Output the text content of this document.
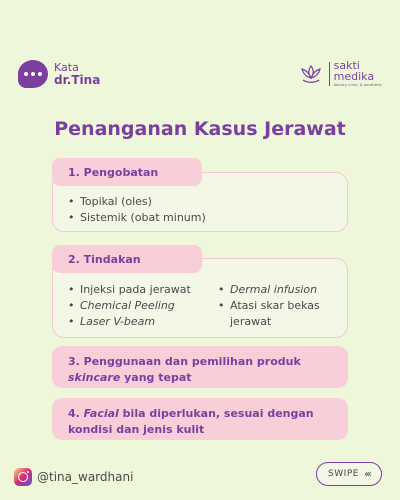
Kata
dr.Tina
sakti
medika
beauty clinic & aesthetic
Penanganan Kasus Jerawat
1. Pengobatan
• Topikal (oles)
• Sistemik (obat minum)
2. Tindakan
• Injeksi pada jerawat
• Chemical Peeling
• Laser V-beam
• Dermal infusion
• Atasi skar bekas
jerawat
3. Penggunaan dan pemilihan produk
skincare yang tepat
4. Facial bila diperlukan, sesuai dengan
kondisi dan jenis kulit
@tina_wardhani	SWIPE ‹‹‹
